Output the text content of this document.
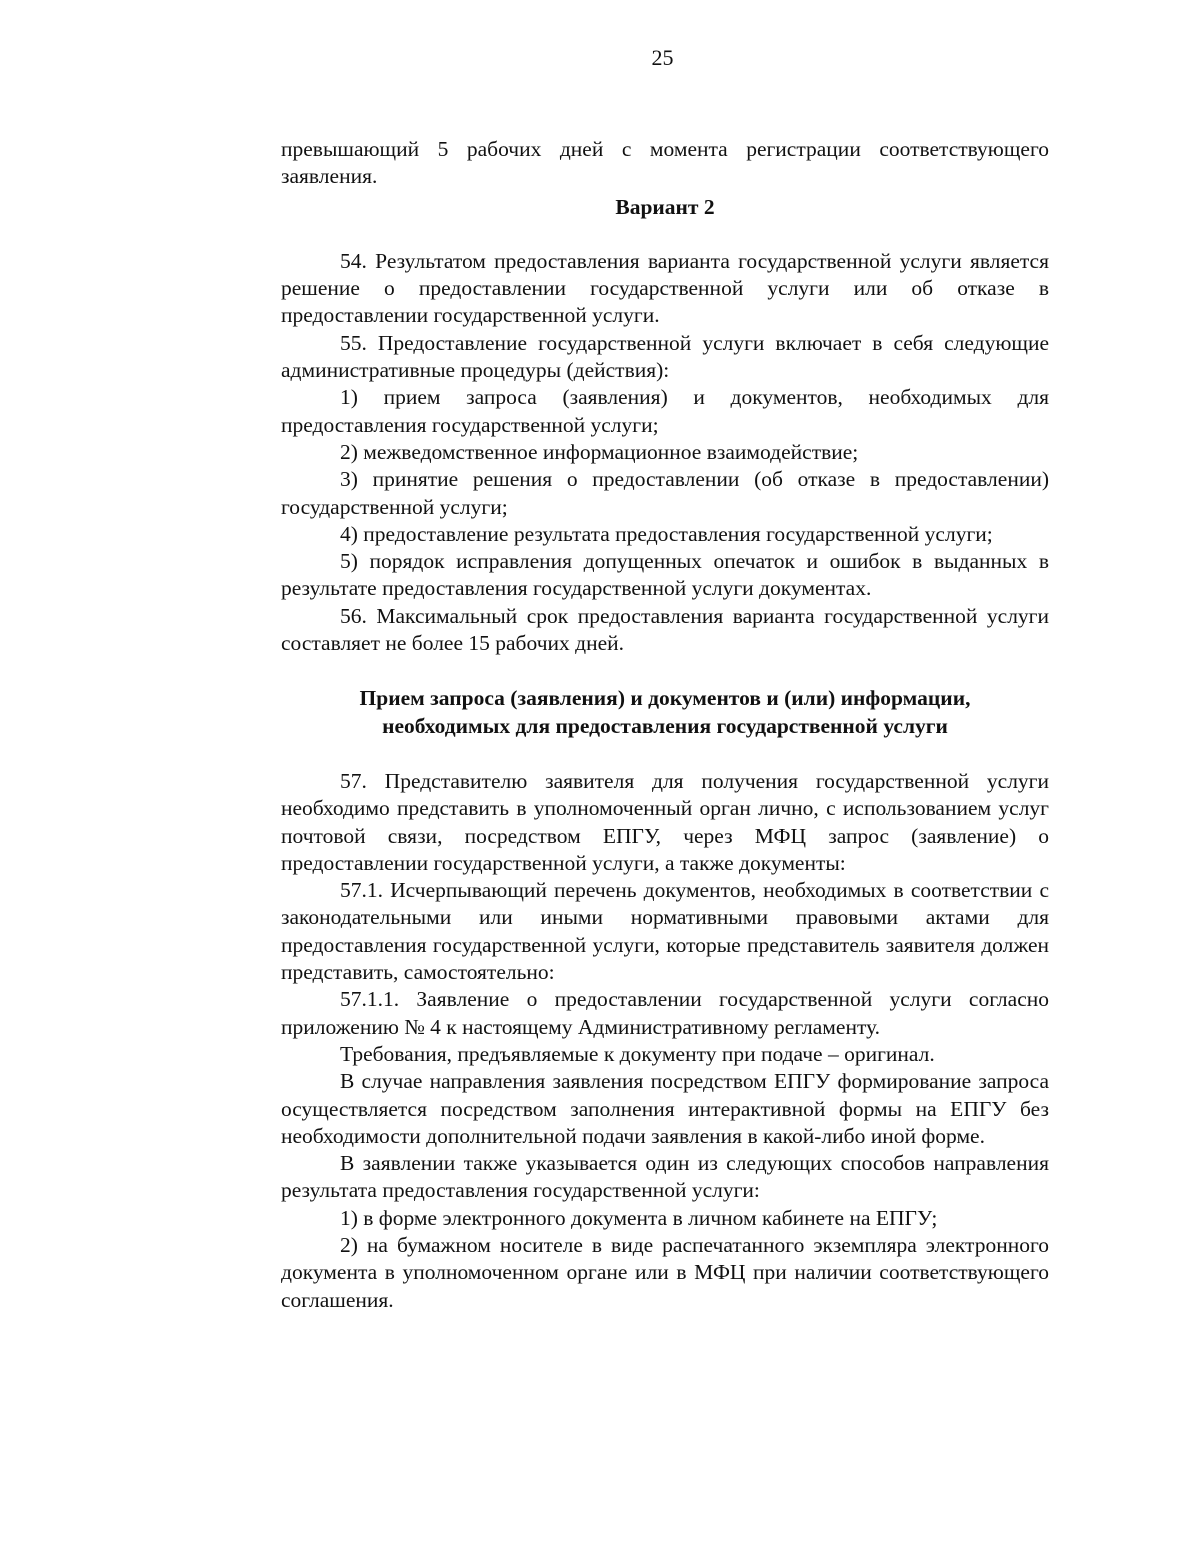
25

превышающий 5 рабочих дней с момента регистрации соответствующего заявления.

Вариант 2

54. Результатом предоставления варианта государственной услуги является решение о предоставлении государственной услуги или об отказе в предоставлении государственной услуги.

55. Предоставление государственной услуги включает в себя следующие административные процедуры (действия):

1) прием запроса (заявления) и документов, необходимых для предоставления государственной услуги;

2) межведомственное информационное взаимодействие;

3) принятие решения о предоставлении (об отказе в предоставлении) государственной услуги;

4) предоставление результата предоставления государственной услуги;

5) порядок исправления допущенных опечаток и ошибок в выданных в результате предоставления государственной услуги документах.

56. Максимальный срок предоставления варианта государственной услуги составляет не более 15 рабочих дней.

Прием запроса (заявления) и документов и (или) информации,
необходимых для предоставления государственной услуги

57. Представителю заявителя для получения государственной услуги необходимо представить в уполномоченный орган лично, с использованием услуг почтовой связи, посредством ЕПГУ, через МФЦ запрос (заявление) о предоставлении государственной услуги, а также документы:

57.1. Исчерпывающий перечень документов, необходимых в соответствии с законодательными или иными нормативными правовыми актами для предоставления государственной услуги, которые представитель заявителя должен представить, самостоятельно:

57.1.1. Заявление о предоставлении государственной услуги согласно приложению № 4 к настоящему Административному регламенту.

Требования, предъявляемые к документу при подаче – оригинал.

В случае направления заявления посредством ЕПГУ формирование запроса осуществляется посредством заполнения интерактивной формы на ЕПГУ без необходимости дополнительной подачи заявления в какой-либо иной форме.

В заявлении также указывается один из следующих способов направления результата предоставления государственной услуги:

1) в форме электронного документа в личном кабинете на ЕПГУ;

2) на бумажном носителе в виде распечатанного экземпляра электронного документа в уполномоченном органе или в МФЦ при наличии соответствующего соглашения.
